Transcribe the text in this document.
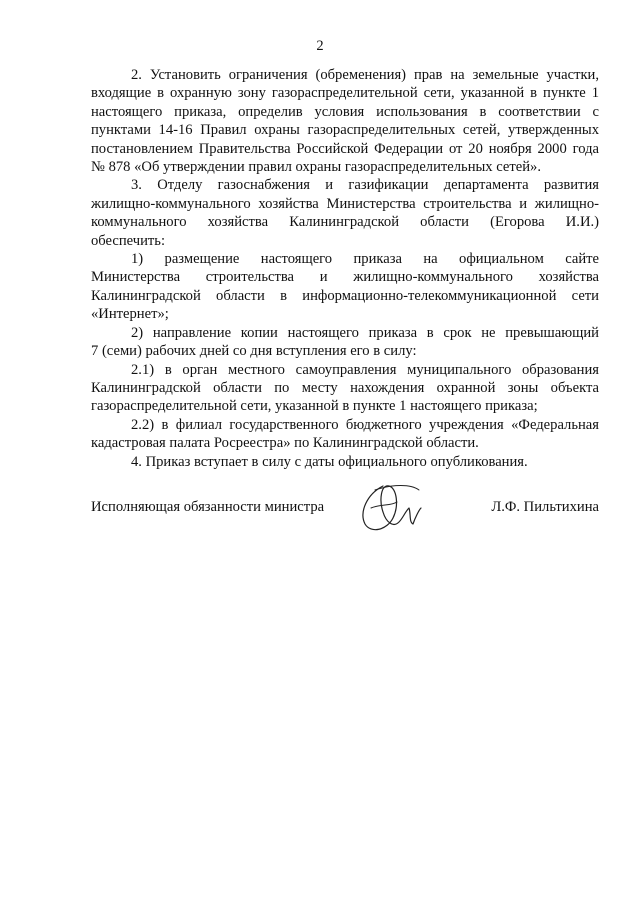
2
2. Установить ограничения (обременения) прав на земельные участки,
входящие в охранную зону газораспределительной сети, указанной в пункте 1
настоящего приказа, определив условия использования в соответствии с
пунктами 14-16 Правил охраны газораспределительных сетей, утвержденных
постановлением Правительства Российской Федерации от 20 ноября 2000 года
№ 878 «Об утверждении правил охраны газораспределительных сетей».
3. Отделу газоснабжения и газификации департамента развития
жилищно-коммунального хозяйства Министерства строительства и жилищно-
коммунального хозяйства Калининградской области (Егорова И.И.)
обеспечить:
1) размещение настоящего приказа на официальном сайте
Министерства строительства и жилищно-коммунального хозяйства
Калининградской области в информационно-телекоммуникационной сети
«Интернет»;
2) направление копии настоящего приказа в срок не превышающий
7 (семи) рабочих дней со дня вступления его в силу:
2.1) в орган местного самоуправления муниципального образования
Калининградской области по месту нахождения охранной зоны объекта
газораспределительной сети, указанной в пункте 1 настоящего приказа;
2.2) в филиал государственного бюджетного учреждения «Федеральная
кадастровая палата Росреестра» по Калининградской области.
4. Приказ вступает в силу с даты официального опубликования.
Исполняющая обязанности министра	Л.Ф. Пильтихина
